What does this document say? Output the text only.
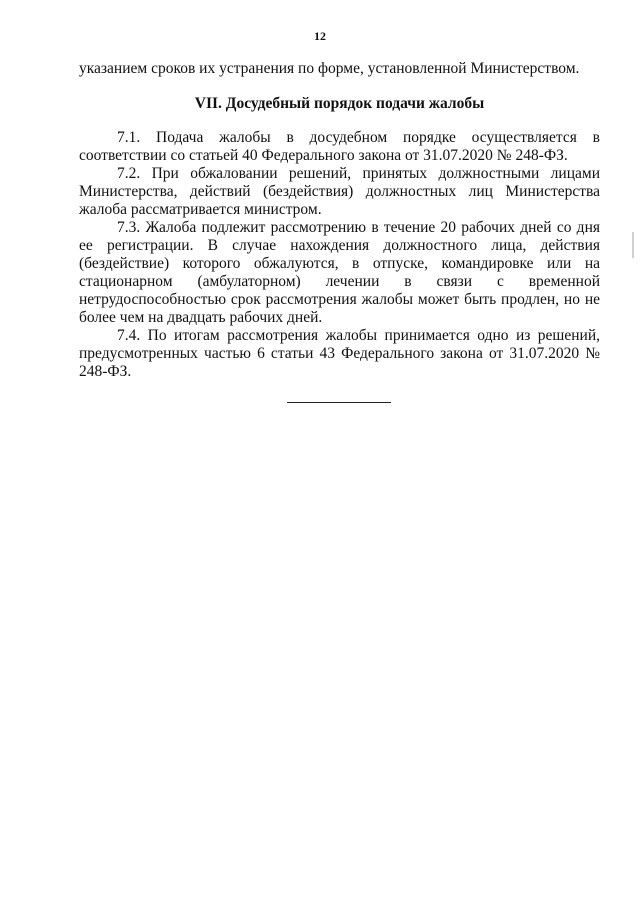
12

указанием сроков их устранения по форме, установленной Министерством.

VII. Досудебный порядок подачи жалобы

7.1. Подача жалобы в досудебном порядке осуществляется в соответствии со статьей 40 Федерального закона от 31.07.2020 № 248-ФЗ.

7.2. При обжаловании решений, принятых должностными лицами Министерства, действий (бездействия) должностных лиц Министерства жалоба рассматривается министром.

7.3. Жалоба подлежит рассмотрению в течение 20 рабочих дней со дня ее регистрации. В случае нахождения должностного лица, действия (бездействие) которого обжалуются, в отпуске, командировке или на стационарном (амбулаторном) лечении в связи с временной нетрудоспособностью срок рассмотрения жалобы может быть продлен, но не более чем на двадцать рабочих дней.

7.4. По итогам рассмотрения жалобы принимается одно из решений, предусмотренных частью 6 статьи 43 Федерального закона от 31.07.2020 № 248-ФЗ.
